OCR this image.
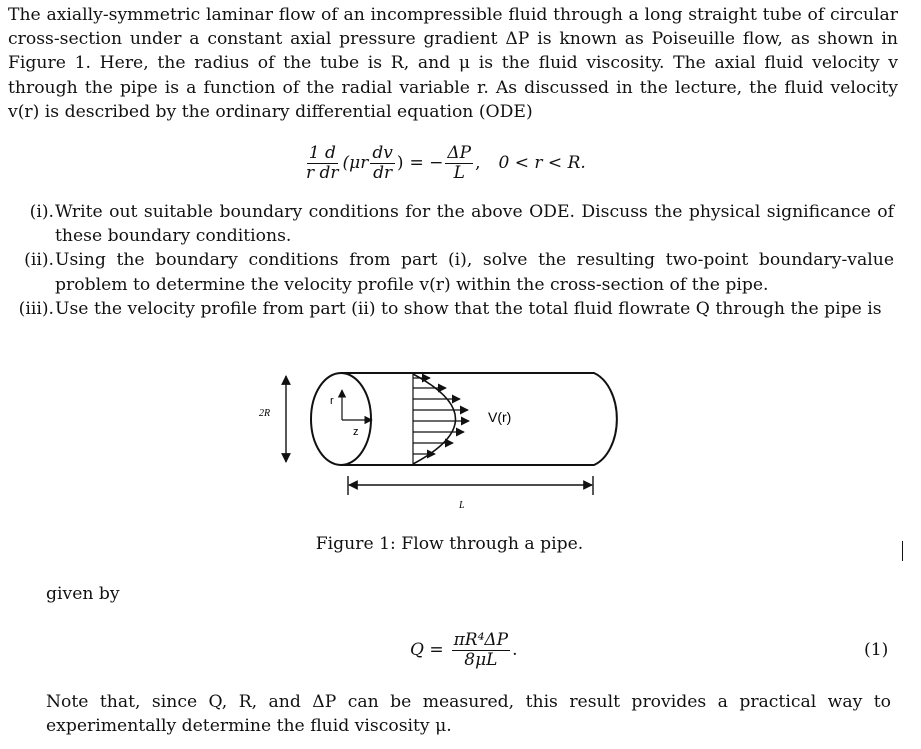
The axially-symmetric laminar flow of an incompressible fluid through a long straight tube of circular cross-section under a constant axial pressure gradient ΔP is known as Poiseuille flow, as shown in Figure 1. Here, the radius of the tube is R, and μ is the fluid viscosity. The axial fluid velocity v through the pipe is a function of the radial variable r. As discussed in the lecture, the fluid velocity v(r) is described by the ordinary differential equation (ODE)

$\frac{1 d}{\text{r dr}} (\mu r \frac{dv}{dr}$ ) = − $\frac{\Delta P}{L}$ , 0 < r < R.
(i). Write out suitable boundary conditions for the above ODE. Discuss the physical significance of these boundary conditions.
(ii). Using the boundary conditions from part (i), solve the resulting two-point boundary-value problem to determine the velocity profile v(r) within the cross-section of the pipe.
(iii). Use the velocity profile from part (ii) to show that the total fluid flowrate Q through the pipe is
2R
r
z
V(r)
L
Figure 1: Flow through a pipe.
given by
$Q = \frac{\text{πR⁴ΔP}}{8\mu L}$ .	(1)

Note that, since Q, R, and ΔP can be measured, this result provides a practical way to experimentally determine the fluid viscosity μ.
